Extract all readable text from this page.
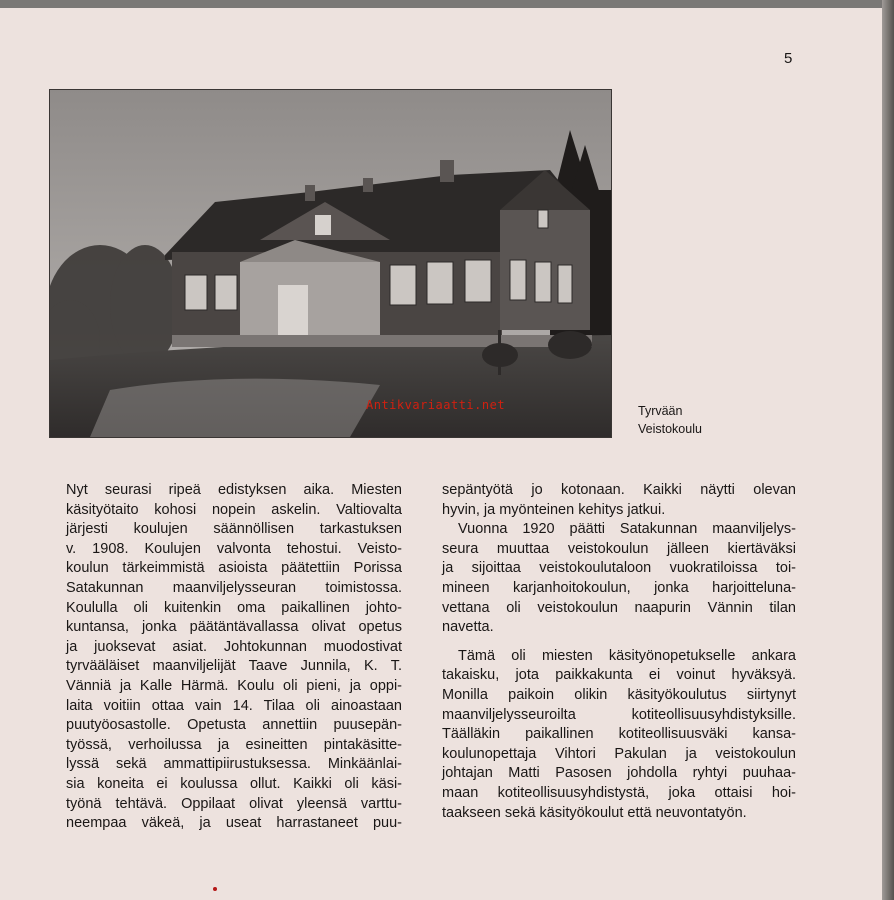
5
Antikvariaatti.net	Tyrvään
Veistokoulu

Nyt seurasi ripeä edistyksen aika. Miesten
käsityötaito kohosi nopein askelin. Valtiovalta
järjesti koulujen säännöllisen tarkastuksen
v. 1908. Koulujen valvonta tehostui. Veisto-
koulun tärkeimmistä asioista päätettiin Porissa
Satakunnan maanviljelysseuran toimistossa.
Koululla oli kuitenkin oma paikallinen johto-
kuntansa, jonka päätäntävallassa olivat opetus
ja juoksevat asiat. Johtokunnan muodostivat
tyrvääläiset maanviljelijät Taave Junnila, K. T.
Vänniä ja Kalle Härmä. Koulu oli pieni, ja oppi-
laita voitiin ottaa vain 14. Tilaa oli ainoastaan
puutyöosastolle. Opetusta annettiin puusepän-
työssä, verhoilussa ja esineitten pintakäsitte-
lyssä sekä ammattipiirustuksessa. Minkäänlai-
sia koneita ei koulussa ollut. Kaikki oli käsi-
työnä tehtävä. Oppilaat olivat yleensä varttu-
neempaa väkeä, ja useat harrastaneet puu-

sepäntyötä jo kotonaan. Kaikki näytti olevan
hyvin, ja myönteinen kehitys jatkui.

Vuonna 1920 päätti Satakunnan maanviljelys-
seura muuttaa veistokoulun jälleen kiertäväksi
ja sijoittaa veistokoulutaloon vuokratiloissa toi-
mineen karjanhoitokoulun, jonka harjoitteluna-
vettana oli veistokoulun naapurin Vännin tilan
navetta.

Tämä oli miesten käsityönopetukselle ankara
takaisku, jota paikkakunta ei voinut hyväksyä.
Monilla paikoin olikin käsityökoulutus siirtynyt
maanviljelysseuroilta kotiteollisuusyhdistyksille.
Täälläkin paikallinen kotiteollisuusväki kansa-
koulunopettaja Vihtori Pakulan ja veistokoulun
johtajan Matti Pasosen johdolla ryhtyi puuhaa-
maan kotiteollisuusyhdistystä, joka ottaisi hoi-
taakseen sekä käsityökoulut että neuvontatyön.
